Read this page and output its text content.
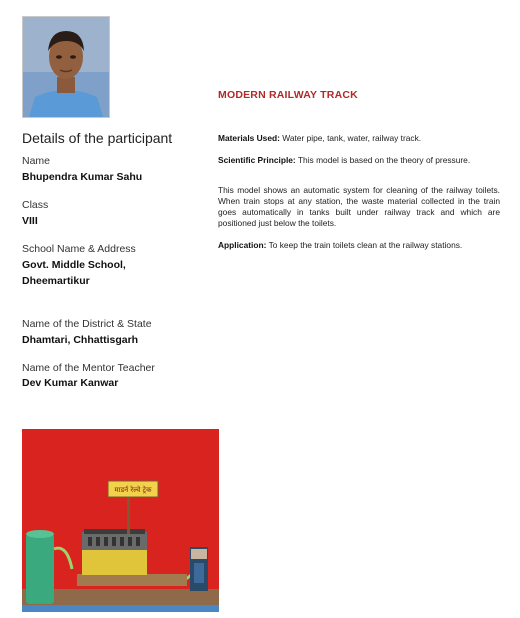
Details of the participant
Name
Bhupendra Kumar Sahu
Class
VIII
School Name & Address
Govt. Middle School,
Dheemartikur
Name of the District & State
Dhamtari, Chhattisgarh
Name of the Mentor Teacher
Dev Kumar Kanwar
MODERN RAILWAY TRACK
Materials Used: Water pipe, tank, water, railway track.
Scientific Principle: This model is based on the theory of pressure.
This model shows an automatic system for cleaning of the railway toilets. When train stops at any station, the waste material collected in the train goes automatically in tanks built under railway track and which are positioned just below the toilets.
Application: To keep the train toilets clean at the railway stations.
माडर्न रेल्वे ट्रेक
